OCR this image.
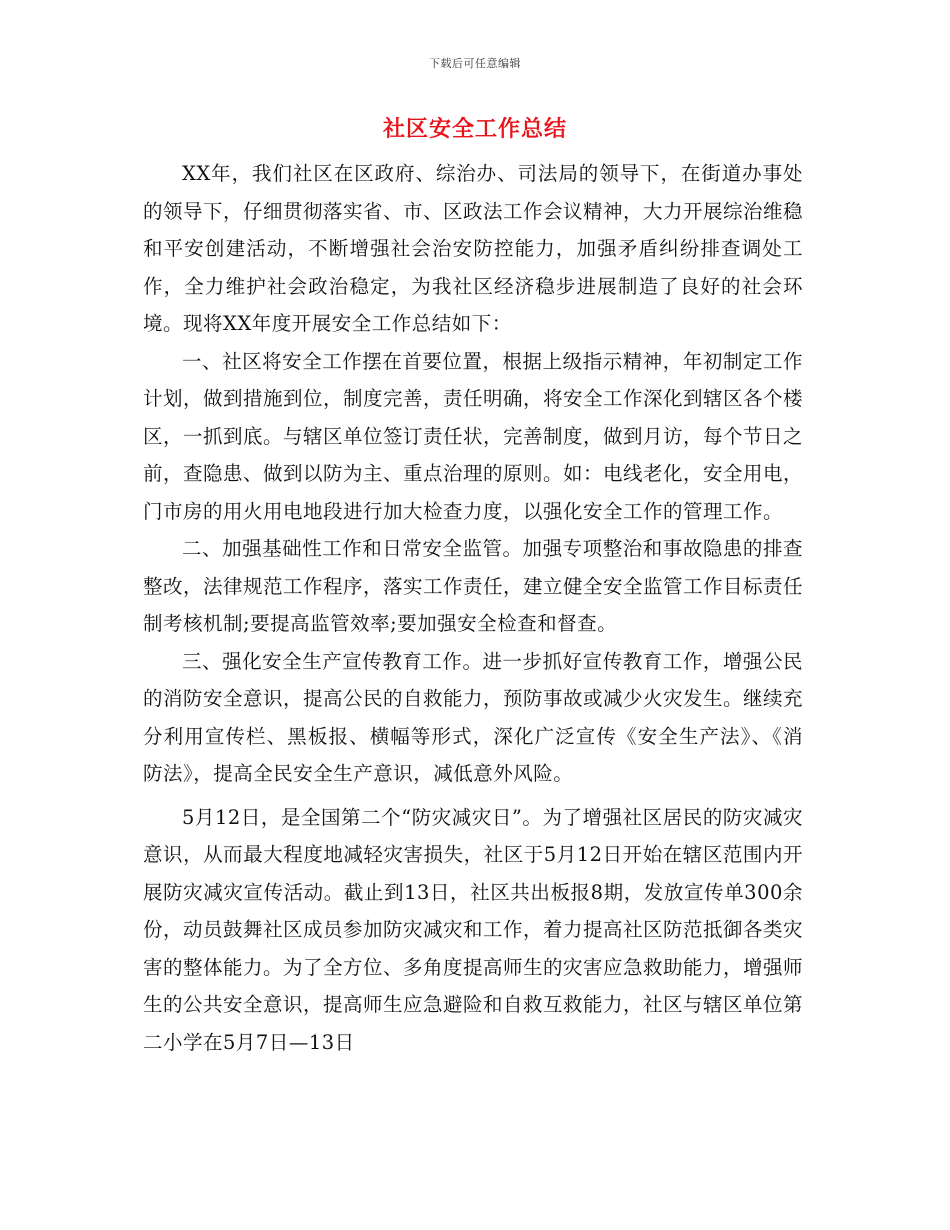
下载后可任意编辑
社区安全工作总结

XX年，我们社区在区政府、综治办、司法局的领导下，在街道办事处的领导下，仔细贯彻落实省、市、区政法工作会议精神，大力开展综治维稳和平安创建活动，不断增强社会治安防控能力，加强矛盾纠纷排查调处工作，全力维护社会政治稳定，为我社区经济稳步进展制造了良好的社会环境。现将XX年度开展安全工作总结如下：

一、社区将安全工作摆在首要位置，根据上级指示精神，年初制定工作计划，做到措施到位，制度完善，责任明确，将安全工作深化到辖区各个楼区，一抓到底。与辖区单位签订责任状，完善制度，做到月访，每个节日之前，查隐患、做到以防为主、重点治理的原则。如：电线老化，安全用电，门市房的用火用电地段进行加大检查力度，以强化安全工作的管理工作。

二、加强基础性工作和日常安全监管。加强专项整治和事故隐患的排查整改，法律规范工作程序，落实工作责任，建立健全安全监管工作目标责任制考核机制;要提高监管效率;要加强安全检查和督查。

三、强化安全生产宣传教育工作。进一步抓好宣传教育工作，增强公民的消防安全意识，提高公民的自救能力，预防事故或减少火灾发生。继续充分利用宣传栏、黑板报、横幅等形式，深化广泛宣传《安全生产法》、《消防法》，提高全民安全生产意识，减低意外风险。

5月12日，是全国第二个“防灾减灾日”。为了增强社区居民的防灾减灾意识，从而最大程度地减轻灾害损失，社区于5月12日开始在辖区范围内开展防灾减灾宣传活动。截止到13日，社区共出板报8期，发放宣传单300余份，动员鼓舞社区成员参加防灾减灾和工作，着力提高社区防范抵御各类灾害的整体能力。为了全方位、多角度提高师生的灾害应急救助能力，增强师生的公共安全意识，提高师生应急避险和自救互救能力，社区与辖区单位第二小学在5月7日—13日
